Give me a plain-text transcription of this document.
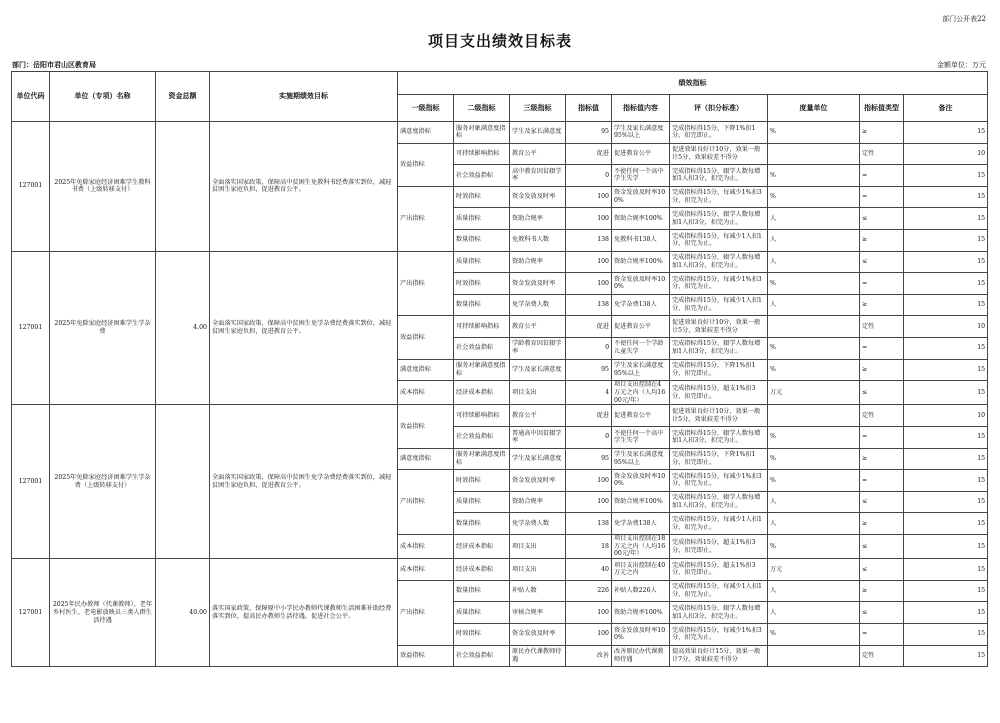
部门公开表22
项目支出绩效目标表
部门：岳阳市君山区教育局	金额单位：万元
单位代码	单位（专项）名称	资金总额	实施期绩效目标	绩效指标								
				一级指标	二级指标	三级指标	指标值	指标值内容	评（扣分标准）	度量单位	指标值类型	备注
127001	2025年免除家庭经济困难学生教科书费（上级转移支付）		全面落实国家政策，保障高中贫困生免教科书经费落实到位，减轻贫困生家庭负担，促进教育公平。	满意度指标	服务对象满意度指标	学生及家长满意度	95	学生及家长满意度95%以上	完成指标得15分，下降1%扣1分，扣完即止。	%	≥	15
				效益指标	可持续影响指标	教育公平	促进	促进教育公平	促进效果良好计10分，效果一般计5分，效果较差不得分		定性	10
					社会效益指标	高中教育因贫辍学率	0	不使任何一个高中学生失学	完成指标得15分，辍学人数每增加1人扣3分，扣完为止。	%	=	15
				产出指标	时效指标	资金发放及时率	100	资金发放及时率100%	完成指标得15分，每减少1%扣3分，扣完为止。	%	=	15
					质量指标	资助合规率	100	资助合规率100%	完成指标得15分，辍学人数每增加1人扣3分，扣完为止。	人	≤	15
					数量指标	免教科书人数	138	免教科书138人	完成指标得15分，每减少1人扣1分，扣完为止。	人	≥	15
127001	2025年免除家庭经济困难学生学杂费	4.00	全面落实国家政策，保障高中贫困生免学杂费经费落实到位，减轻贫困生家庭负担，促进教育公平。	产出指标	质量指标	资助合规率	100	资助合规率100%	完成指标得15分，辍学人数每增加1人扣3分，扣完为止。	人	≤	15
					时效指标	资金发放及时率	100	资金发放及时率100%	完成指标得15分，每减少1%扣3分，扣完为止。	%	=	15
					数量指标	免学杂费人数	138	免学杂费138人	完成指标得15分，每减少1人扣1分，扣完为止。	人	≥	15
				效益指标	可持续影响指标	教育公平	促进	促进教育公平	促进效果良好计10分，效果一般计5分，效果较差不得分		定性	10
					社会效益指标	学龄教育因贫辍学率	0	不使任何一个学龄儿童失学	完成指标得15分，辍学人数每增加1人扣3分，扣完为止。	%	=	15
				满意度指标	服务对象满意度指标	学生及家长满意度	95	学生及家长满意度95%以上	完成指标得15分，下降1%扣1分，扣完即止。	%	≥	15
				成本指标	经济成本指标	项目支出	4	项目支出控制在4万元之内（人均1600元/年）	完成指标得15分，超支1%扣3分，扣完即止。	万元	≤	15
127001	2025年免除家庭经济困难学生学杂费（上级转移支付）		全面落实国家政策，保障高中贫困生免学杂费经费落实到位，减轻贫困生家庭负担，促进教育公平。	效益指标	可持续影响指标	教育公平	促进	促进教育公平	促进效果良好计10分，效果一般计5分，效果较差不得分		定性	10
					社会效益指标	普通高中因贫辍学率	0	不使任何一个高中学生失学	完成指标得15分，辍学人数每增加1人扣3分，扣完为止。	%	=	15
				满意度指标	服务对象满意度指标	学生及家长满意度	95	学生及家长满意度95%以上	完成指标得15分，下降1%扣1分，扣完即止。	%	≥	15
				产出指标	时效指标	资金发放及时率	100	资金发放及时率100%	完成指标得15分，每减少1%扣3分，扣完为止。	%	=	15
					质量指标	资助合规率	100	资助合规率100%	完成指标得15分，辍学人数每增加1人扣3分，扣完为止。	人	≤	15
					数量指标	免学杂费人数	138	免学杂费138人	完成指标得15分，每减少1人扣1分，扣完为止。	人	≥	15
				成本指标	经济成本指标	项目支出	18	项目支出控制在18万元之内（人均1600元/年）	完成指标得15分，超支1%扣3分，扣完即止。	%	≤	15
127001	2025年民办教师（代课教师）、老年乡村医生、老电影放映员三类人群生活待遇	40.00	落实国家政策，保障原中小学民办教师代课教师生活困难补助经费落实到位，提高民办教师生活待遇，促进社会公平。	成本指标	经济成本指标	项目支出	40	项目支出控制在40万元之内	完成指标得15分，超支1%扣3分，扣完即止。	万元	≤	15
				产出指标	数量指标	补贴人数	226	补贴人数226人	完成指标得15分，每减少1人扣1分，扣完为止。	人	≥	15
					质量指标	审核合规率	100	资助合规率100%	完成指标得15分，辍学人数每增加1人扣3分，扣完为止。	人	≤	15
					时效指标	资金发放及时率	100	资金发放及时率100%	完成指标得15分，每减少1%扣3分，扣完为止。	%	=	15
				效益指标	社会效益指标	原民办代课教师待遇	改善	改善原民办代课教师待遇	提高效果良好计15分，效果一般计7分，效果较差不得分		定性	15
